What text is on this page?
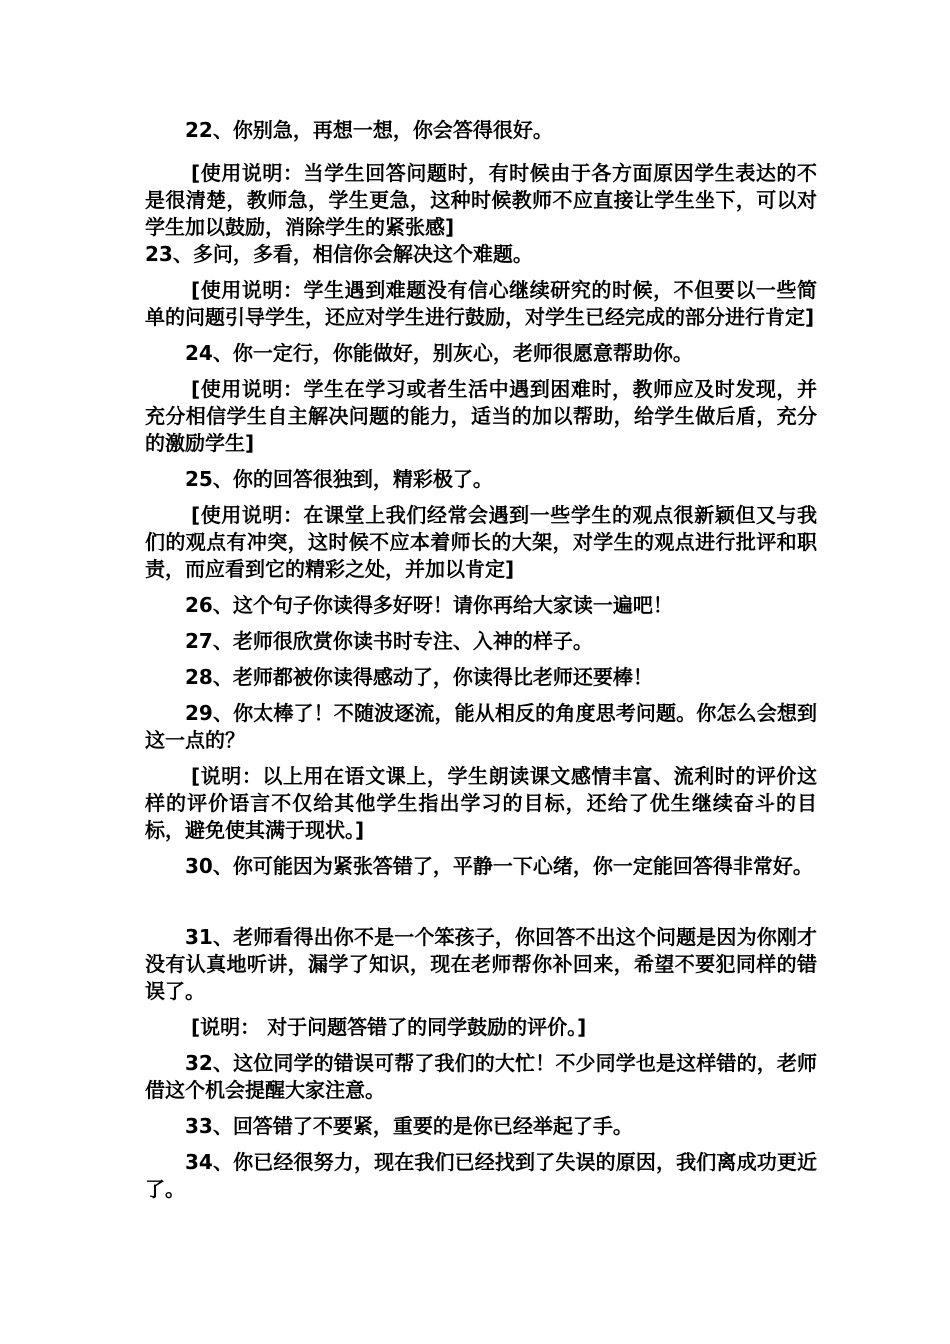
22、你别急，再想一想，你会答得很好。

[使用说明：当学生回答问题时，有时候由于各方面原因学生表达的不是很清楚，教师急，学生更急，这种时候教师不应直接让学生坐下，可以对学生加以鼓励，消除学生的紧张感]

23、多问，多看，相信你会解决这个难题。

[使用说明：学生遇到难题没有信心继续研究的时候，不但要以一些简单的问题引导学生，还应对学生进行鼓励，对学生已经完成的部分进行肯定]

24、你一定行，你能做好，别灰心，老师很愿意帮助你。

[使用说明：学生在学习或者生活中遇到困难时，教师应及时发现，并充分相信学生自主解决问题的能力，适当的加以帮助，给学生做后盾，充分的激励学生]

25、你的回答很独到，精彩极了。

[使用说明：在课堂上我们经常会遇到一些学生的观点很新颖但又与我们的观点有冲突，这时候不应本着师长的大架，对学生的观点进行批评和职责，而应看到它的精彩之处，并加以肯定]

26、这个句子你读得多好呀！请你再给大家读一遍吧！

27、老师很欣赏你读书时专注、入神的样子。

28、老师都被你读得感动了，你读得比老师还要棒！

29、你太棒了！不随波逐流，能从相反的角度思考问题。你怎么会想到这一点的？

[说明：以上用在语文课上，学生朗读课文感情丰富、流利时的评价这样的评价语言不仅给其他学生指出学习的目标，还给了优生继续奋斗的目标，避免使其满于现状。]

30、你可能因为紧张答错了，平静一下心绪，你一定能回答得非常好。

31、老师看得出你不是一个笨孩子，你回答不出这个问题是因为你刚才没有认真地听讲，漏学了知识，现在老师帮你补回来，希望不要犯同样的错误了。

[说明： 对于问题答错了的同学鼓励的评价。]

32、这位同学的错误可帮了我们的大忙！不少同学也是这样错的，老师借这个机会提醒大家注意。

33、回答错了不要紧，重要的是你已经举起了手。

34、你已经很努力，现在我们已经找到了失误的原因，我们离成功更近了。
